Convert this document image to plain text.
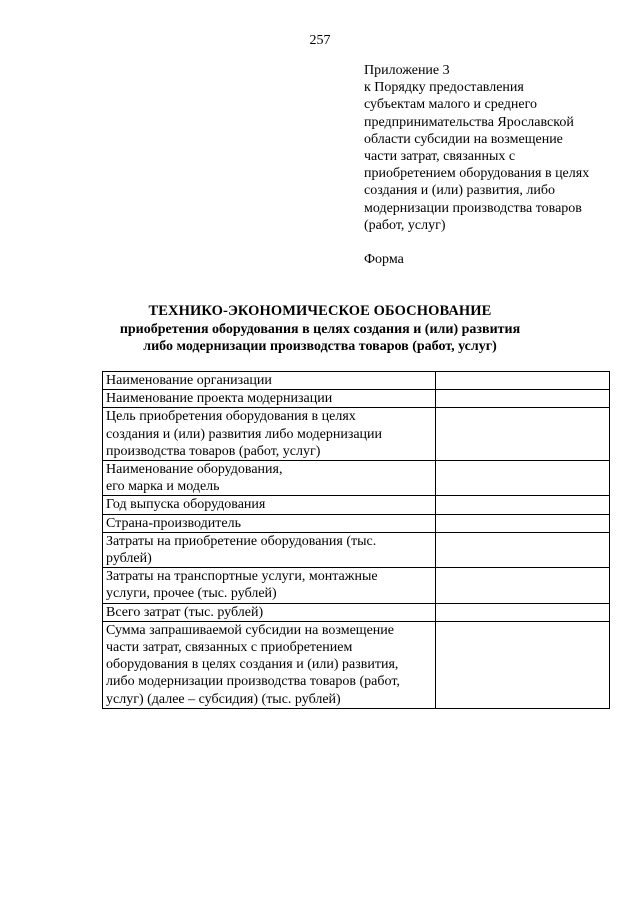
257
Приложение 3
к Порядку предоставления
субъектам малого и среднего
предпринимательства Ярославской
области субсидии на возмещение
части затрат, связанных с
приобретением оборудования в целях
создания и (или) развития, либо
модернизации производства товаров
(работ, услуг)
Форма
ТЕХНИКО-ЭКОНОМИЧЕСКОЕ ОБОСНОВАНИЕ
приобретения оборудования в целях создания и (или) развития
либо модернизации производства товаров (работ, услуг)
Наименование организации	

Наименование проекта модернизации	

Цель приобретения оборудования в целях
создания и (или) развития либо модернизации
производства товаров (работ, услуг)	

Наименование оборудования,
его марка и модель	

Год выпуска оборудования	

Страна-производитель	

Затраты на приобретение оборудования (тыс.
рублей)	

Затраты на транспортные услуги, монтажные
услуги, прочее (тыс. рублей)	

Всего затрат (тыс. рублей)	

Сумма запрашиваемой субсидии на возмещение
части затрат, связанных с приобретением
оборудования в целях создания и (или) развития,
либо модернизации производства товаров (работ,
услуг) (далее – субсидия) (тыс. рублей)	
